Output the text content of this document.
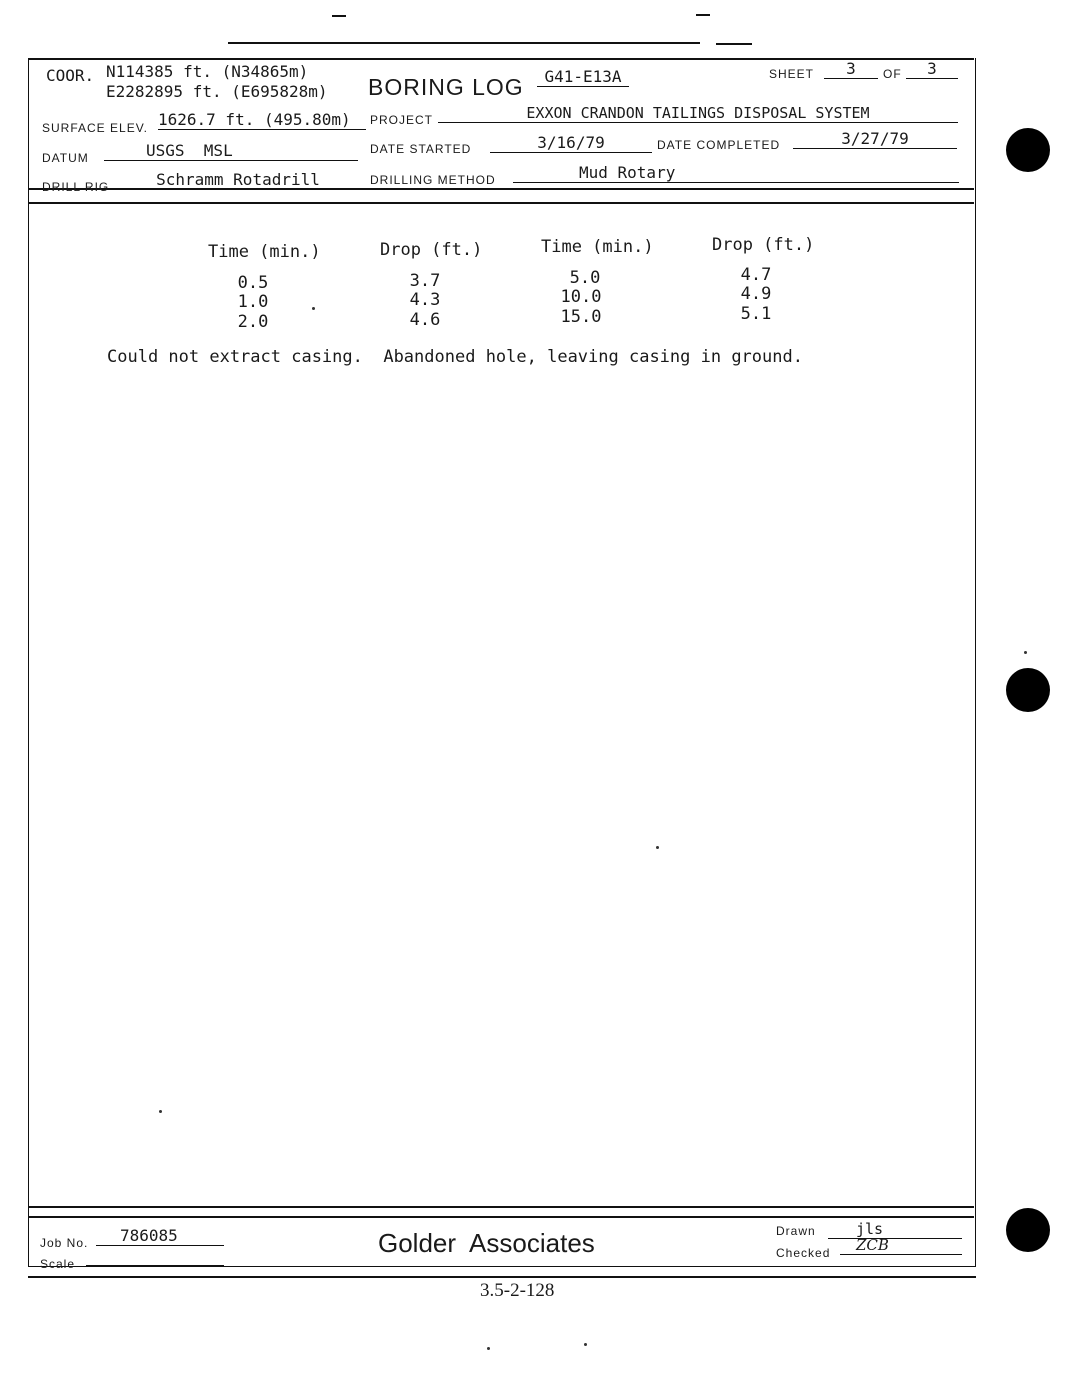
COOR. N114385 ft. (N34865m)
E2282895 ft. (E695828m) BORING LOG	G41-E13A	SHEET	3	OF	3
SURFACE ELEV. 1626.7 ft. (495.80m)	PROJECT	EXXON CRANDON TAILINGS DISPOSAL SYSTEM
DATUM	USGS  MSL	DATE STARTED	3/16/79	DATE COMPLETED	3/27/79
DRILL RIG	Schramm Rotadrill	DRILLING METHOD	Mud Rotary
Time (min.)	Drop (ft.)	Time (min.)	Drop (ft.)
0.5	3.7	5.0	4.7
1.0	4.3	10.0	4.9
2.0	4.6	15.0	5.1
Could not extract casing.  Abandoned hole, leaving casing in ground.
Job No.	786085
Scale
Golder  Associates	Drawn	jls
Checked	ZCB
3.5-2-128
